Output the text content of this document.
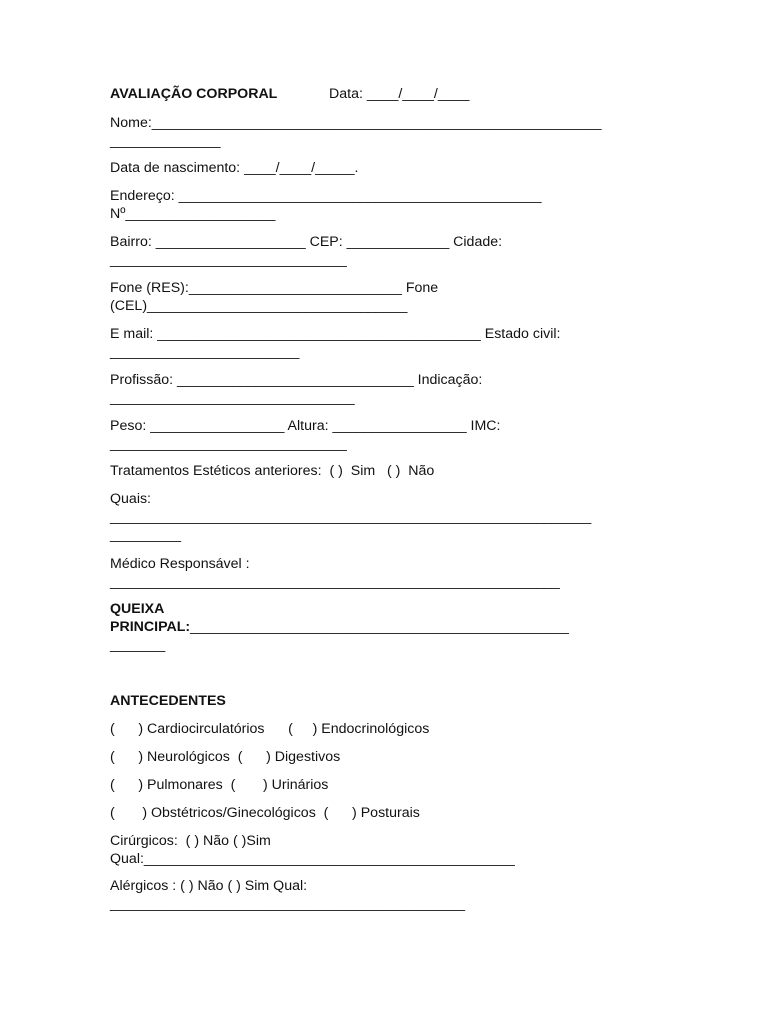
AVALIAÇÃO CORPORAL	Data: ____/____/____
Nome:_________________________________________________________
______________
Data de nascimento: ____/____/_____.
Endereço: ______________________________________________
Nº___________________
Bairro: ___________________ CEP: _____________ Cidade:
______________________________
Fone (RES):___________________________ Fone
(CEL)_________________________________
E mail: _________________________________________ Estado civil:
________________________
Profissão: ______________________________ Indicação:
_______________________________
Peso: _________________ Altura: _________________ IMC:
______________________________
Tratamentos Estéticos anteriores:  ( )  Sim   ( )  Não
Quais:
_____________________________________________________________
_________
Médico Responsável :
_________________________________________________________
QUEIXA
PRINCIPAL:________________________________________________
_______
ANTECEDENTES
(      ) Cardiocirculatórios      (     ) Endocrinológicos
(      ) Neurológicos  (      ) Digestivos
(      ) Pulmonares  (       ) Urinários
(       ) Obstétricos/Ginecológicos  (      ) Posturais
Cirúrgicos:  ( ) Não ( )Sim
Qual:_______________________________________________
Alérgicos : ( ) Não ( ) Sim Qual:
_____________________________________________
